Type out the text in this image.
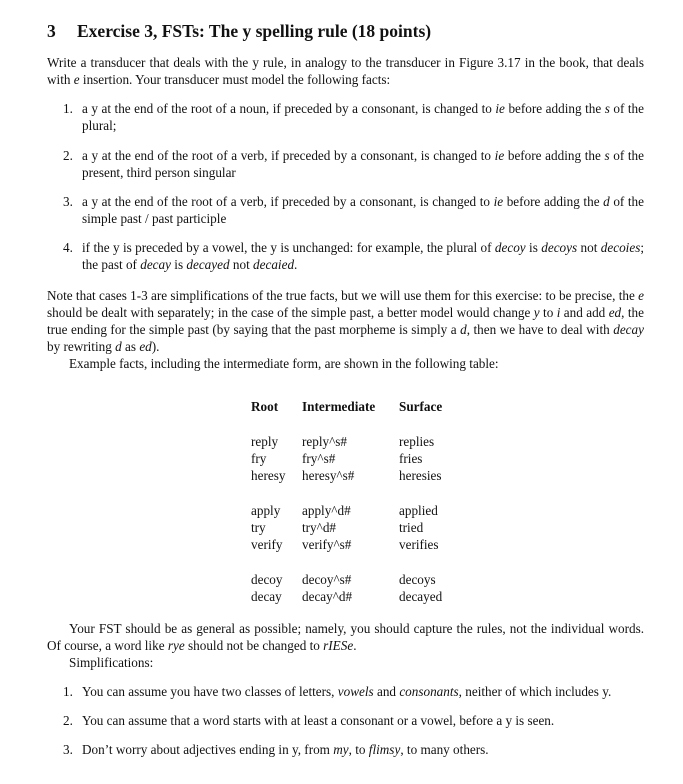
3 Exercise 3, FSTs: The y spelling rule (18 points)

Write a transducer that deals with the y rule, in analogy to the transducer in Figure 3.17 in the book, that deals with e insertion. Your transducer must model the following facts:

1. a y at the end of the root of a noun, if preceded by a consonant, is changed to ie before adding the s of the plural;
2. a y at the end of the root of a verb, if preceded by a consonant, is changed to ie before adding the s of the present, third person singular
3. a y at the end of the root of a verb, if preceded by a consonant, is changed to ie before adding the d of the simple past / past participle
4. if the y is preceded by a vowel, the y is unchanged: for example, the plural of decoy is decoys not decoies; the past of decay is decayed not decaied.

Note that cases 1-3 are simplifications of the true facts, but we will use them for this exercise: to be precise, the e should be dealt with separately; in the case of the simple past, a better model would change y to i and add ed, the true ending for the simple past (by saying that the past morpheme is simply a d, then we have to deal with decay by rewriting d as ed).
Example facts, including the intermediate form, are shown in the following table:

Root	Intermediate	Surface

reply	reply^s#	replies
fry	fry^s#	fries
heresy	heresy^s#	heresies

apply	apply^d#	applied
try	try^d#	tried
verify	verify^s#	verifies

decoy	decoy^s#	decoys
decay	decay^d#	decayed

Your FST should be as general as possible; namely, you should capture the rules, not the individual words. Of course, a word like rye should not be changed to rIESe.

Simplifications:
1. You can assume you have two classes of letters, vowels and consonants, neither of which includes y.
2. You can assume that a word starts with at least a consonant or a vowel, before a y is seen.
3. Don’t worry about adjectives ending in y, from my, to flimsy, to many others.
